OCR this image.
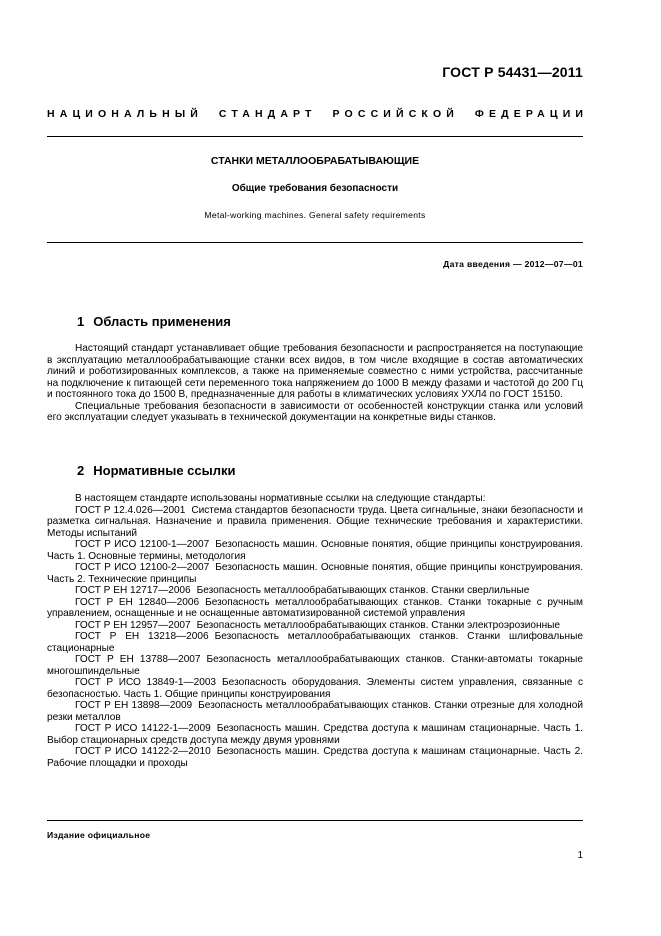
ГОСТ Р 54431—2011
НАЦИОНАЛЬНЫЙ СТАНДАРТ РОССИЙСКОЙ ФЕДЕРАЦИИ
СТАНКИ МЕТАЛЛООБРАБАТЫВАЮЩИЕ
Общие требования безопасности
Metal-working machines. General safety requirements
Дата введения — 2012—07—01
1 Область применения

Настоящий стандарт устанавливает общие требования безопасности и распространяется на поступающие в эксплуатацию металлообрабатывающие станки всех видов, в том числе входящие в состав автоматических линий и роботизированных комплексов, а также на применяемые совместно с ними устройства, рассчитанные на подключение к питающей сети переменного тока напряжением до 1000 В между фазами и частотой до 200 Гц и постоянного тока до 1500 В, предназначенные для работы в климатических условиях УХЛ4 по ГОСТ 15150.

Специальные требования безопасности в зависимости от особенностей конструкции станка или условий его эксплуатации следует указывать в технической документации на конкретные виды станков.

2 Нормативные ссылки

В настоящем стандарте использованы нормативные ссылки на следующие стандарты:

ГОСТ Р 12.4.026—2001 Система стандартов безопасности труда. Цвета сигнальные, знаки безопасности и разметка сигнальная. Назначение и правила применения. Общие технические требования и характеристики. Методы испытаний

ГОСТ Р ИСО 12100-1—2007 Безопасность машин. Основные понятия, общие принципы конструирования. Часть 1. Основные термины, методология

ГОСТ Р ИСО 12100-2—2007 Безопасность машин. Основные понятия, общие принципы конструирования. Часть 2. Технические принципы

ГОСТ Р ЕН 12717—2006 Безопасность металлообрабатывающих станков. Станки сверлильные

ГОСТ Р ЕН 12840—2006 Безопасность металлообрабатывающих станков. Станки токарные с ручным управлением, оснащенные и не оснащенные автоматизированной системой управления

ГОСТ Р ЕН 12957—2007 Безопасность металлообрабатывающих станков. Станки электроэрозионные

ГОСТ Р ЕН 13218—2006 Безопасность металлообрабатывающих станков. Станки шлифовальные стационарные

ГОСТ Р ЕН 13788—2007 Безопасность металлообрабатывающих станков. Станки-автоматы токарные многошпиндельные

ГОСТ Р ИСО 13849-1—2003 Безопасность оборудования. Элементы систем управления, связанные с безопасностью. Часть 1. Общие принципы конструирования

ГОСТ Р ЕН 13898—2009 Безопасность металлообрабатывающих станков. Станки отрезные для холодной резки металлов

ГОСТ Р ИСО 14122-1—2009 Безопасность машин. Средства доступа к машинам стационарные. Часть 1. Выбор стационарных средств доступа между двумя уровнями

ГОСТ Р ИСО 14122-2—2010 Безопасность машин. Средства доступа к машинам стационарные. Часть 2. Рабочие площадки и проходы

Издание официальное
1
